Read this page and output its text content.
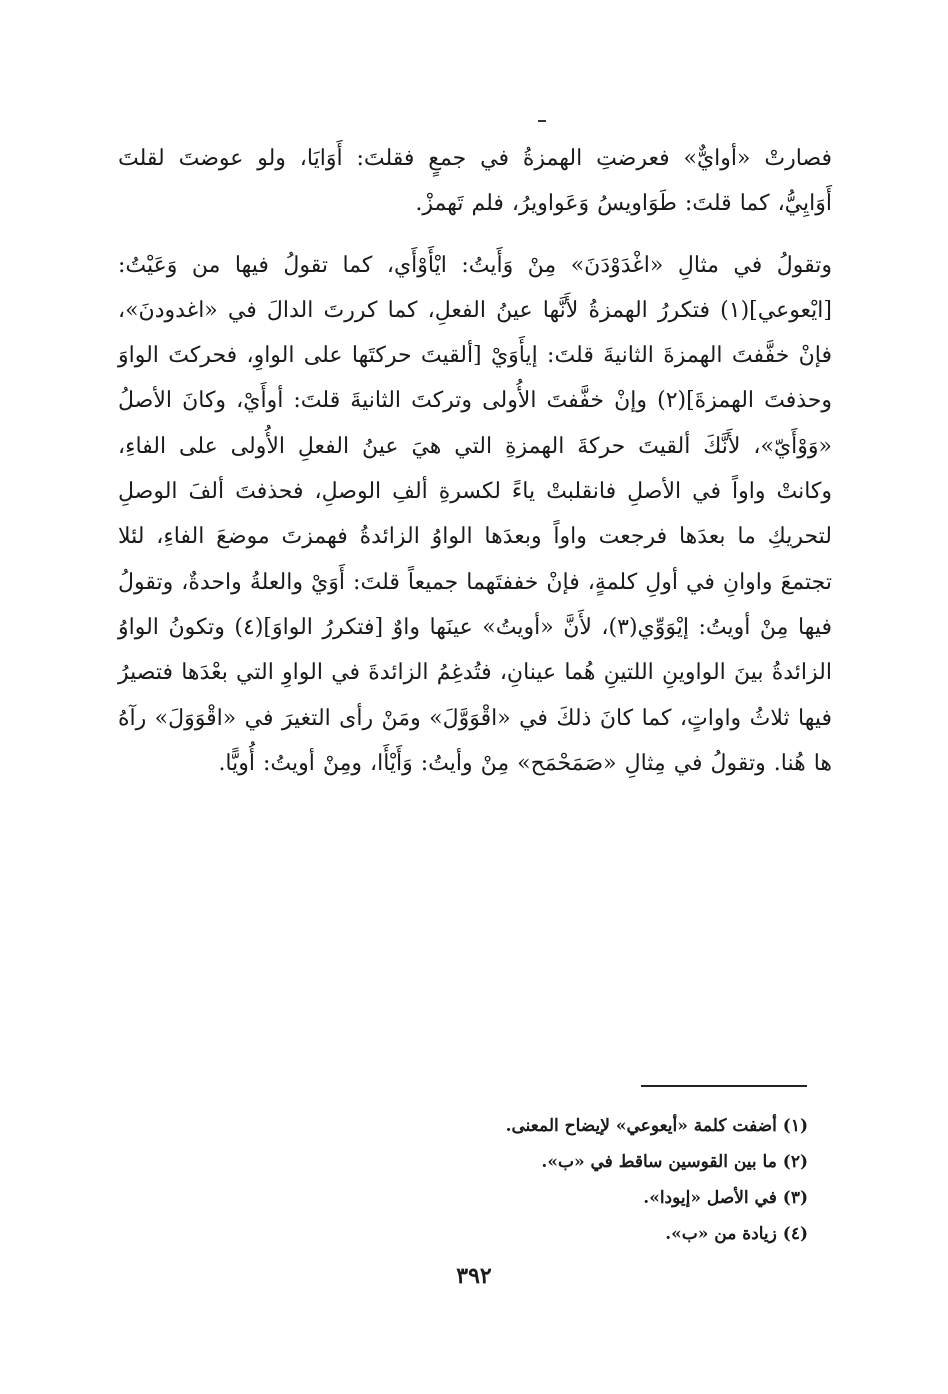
فصارتْ «أوايٌّ» فعرضتِ الهمزةُ في جمعٍ فقلتَ: أَوَايَا، ولو عوضتَ لقلتَ أَوَايِيُّ، كما قلتَ: طَوَاويسُ وَعَواويرُ، فلم تَهمزْ.

وتقولُ في مثالِ «اغْدَوْدَنَ» مِنْ وَأَيتُ: ايْأَوْأَي، كما تقولُ فيها من وَعَيْتُ: [ايْعوعي](١) فتكررُ الهمزةُ لأَنَّها عينُ الفعلِ، كما كررتَ الدالَ في «اغدودنَ»، فإنْ خفَّفتَ الهمزةَ الثانيةَ قلتَ: إيأَوَيْ [ألقيتَ حركتَها على الواوِ، فحركتَ الواوَ وحذفتَ الهمزةَ](٢) وإنْ خفَّفتَ الأُولى وتركتَ الثانيةَ قلتَ: أوأَيْ، وكانَ الأصلُ «وَوْأَيّ»، لأَنَّكَ ألقيتَ حركةَ الهمزةِ التي هيَ عينُ الفعلِ الأُولى على الفاءِ، وكانتْ واواً في الأصلِ فانقلبتْ ياءً لكسرةِ ألفِ الوصلِ، فحذفتَ ألفَ الوصلِ لتحريكِ ما بعدَها فرجعت واواً وبعدَها الواوُ الزائدةُ فهمزتَ موضعَ الفاءِ، لئلا تجتمعَ واوانِ في أولِ كلمةٍ، فإنْ خففتَهما جميعاً قلتَ: أَوَيْ والعلةُ واحدةٌ، وتقولُ فيها مِنْ أويتُ: إيْوَوِّي(٣)، لأَنَّ «أويتُ» عينَها واوٌ [فتكررُ الواوَ](٤) وتكونُ الواوُ الزائدةُ بينَ الواوينِ اللتينِ هُما عينانِ، فتُدغِمُ الزائدةَ في الواوِ التي بعْدَها فتصيرُ فيها ثلاثُ واواتٍ، كما كانَ ذلكَ في «اقْوَوَّلَ» ومَنْ رأى التغيرَ في «اقْوَوَلَ» رآهُ ها هُنا. وتقولُ في مِثالِ «صَمَحْمَح» مِنْ وأيتُ: وَأَيْأَا، ومِنْ أويتُ: أُويًّا.

(١) أضفت كلمة «أيعوعي» لإيضاح المعنى.

(٢) ما بين القوسين ساقط في «ب».

(٣) في الأصل «إيودا».

(٤) زيادة من «ب».

٣٩٢
